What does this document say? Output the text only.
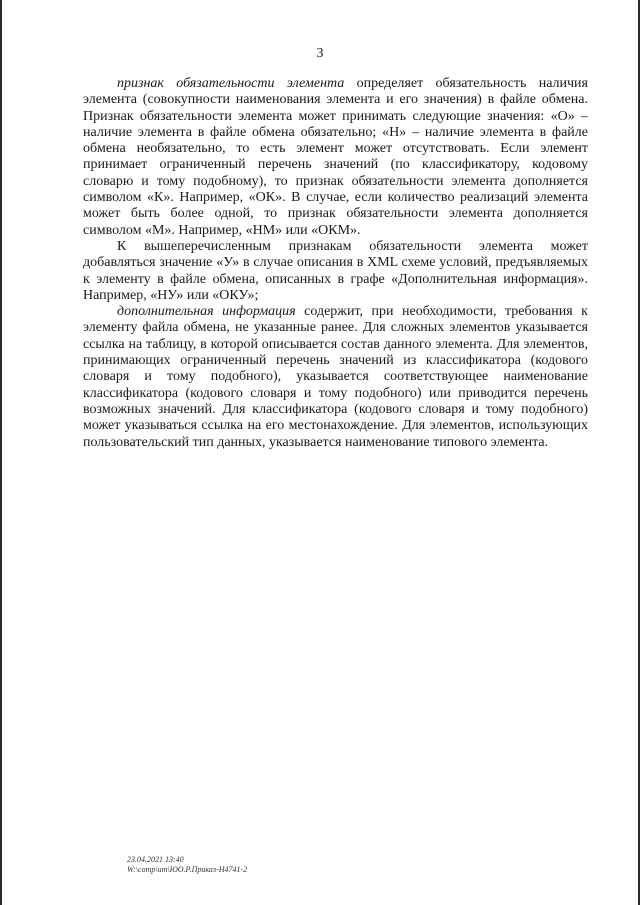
3

признак обязательности элемента определяет обязательность наличия элемента (совокупности наименования элемента и его значения) в файле обмена. Признак обязательности элемента может принимать следующие значения: «О» – наличие элемента в файле обмена обязательно; «Н» – наличие элемента в файле обмена необязательно, то есть элемент может отсутствовать. Если элемент принимает ограниченный перечень значений (по классификатору, кодовому словарю и тому подобному), то признак обязательности элемента дополняется символом «К». Например, «ОК». В случае, если количество реализаций элемента может быть более одной, то признак обязательности элемента дополняется символом «М». Например, «НМ» или «ОКМ».

К вышеперечисленным признакам обязательности элемента может добавляться значение «У» в случае описания в XML схеме условий, предъявляемых к элементу в файле обмена, описанных в графе «Дополнительная информация». Например, «НУ» или «ОКУ»;

дополнительная информация содержит, при необходимости, требования к элементу файла обмена, не указанные ранее. Для сложных элементов указывается ссылка на таблицу, в которой описывается состав данного элемента. Для элементов, принимающих ограниченный перечень значений из классификатора (кодового словаря и тому подобного), указывается соответствующее наименование классификатора (кодового словаря и тому подобного) или приводится перечень возможных значений. Для классификатора (кодового словаря и тому подобного) может указываться ссылка на его местонахождение. Для элементов, использующих пользовательский тип данных, указывается наименование типового элемента.

23.04.2021 13:40
W:\comp\um\ЮО.Р.Приказ-Н4741-2
